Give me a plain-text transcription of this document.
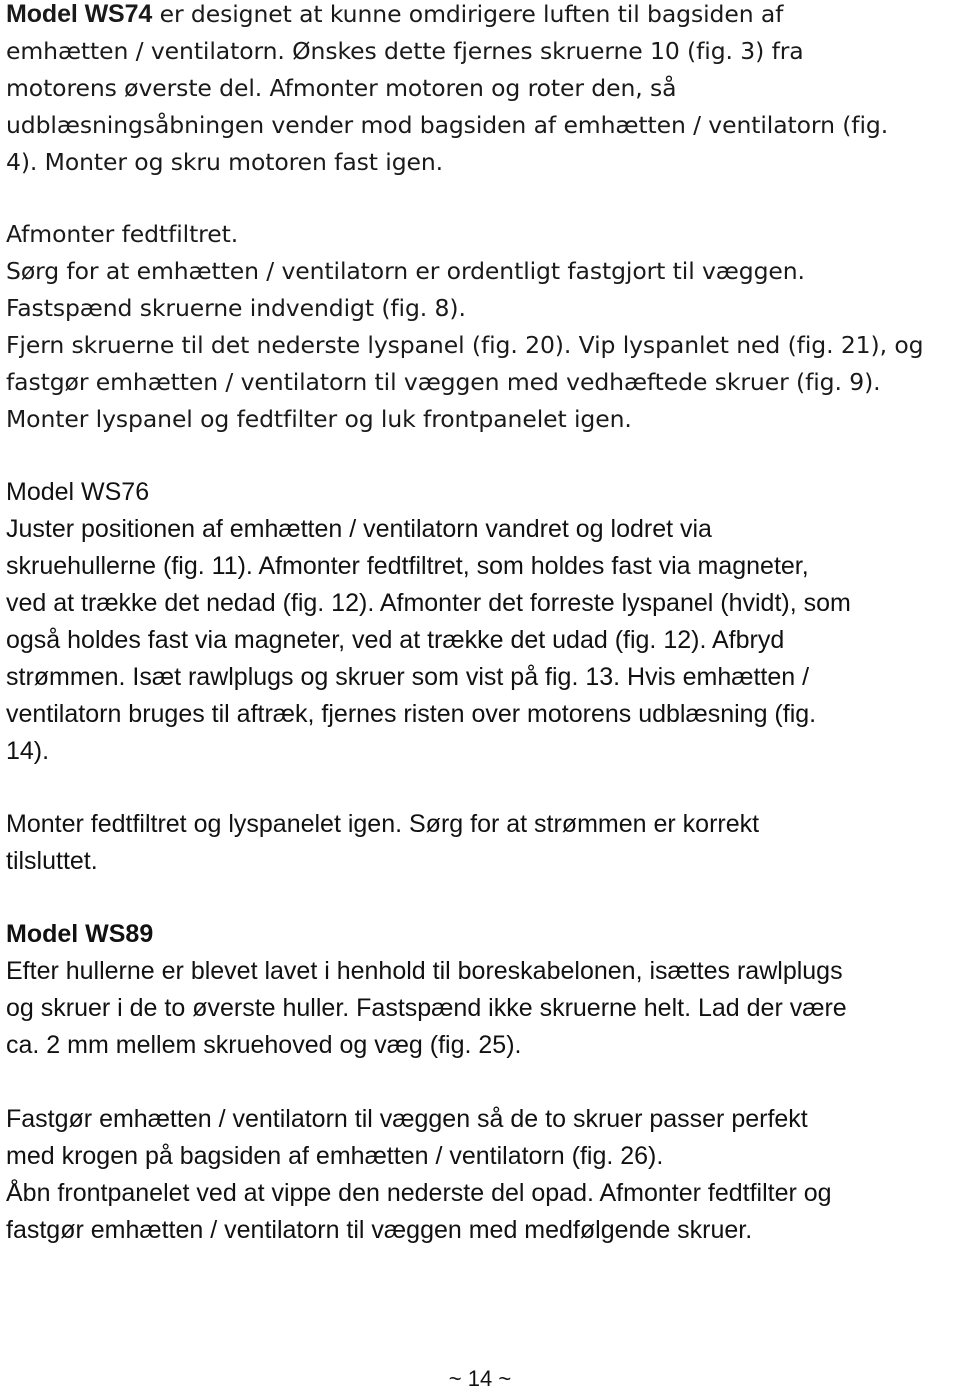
Model WS74 er designet at kunne omdirigere luften til bagsiden af
emhætten / ventilatorn. Ønskes dette fjernes skruerne 10 (fig. 3) fra
motorens øverste del. Afmonter motoren og roter den, så
udblæsningsåbningen vender mod bagsiden af emhætten / ventilatorn (fig.
4). Monter og skru motoren fast igen.
Afmonter fedtfiltret.
Sørg for at emhætten / ventilatorn er ordentligt fastgjort til væggen.
Fastspænd skruerne indvendigt (fig. 8).
Fjern skruerne til det nederste lyspanel (fig. 20). Vip lyspanlet ned (fig. 21), og
fastgør emhætten / ventilatorn til væggen med vedhæftede skruer (fig. 9).
Monter lyspanel og fedtfilter og luk frontpanelet igen.
Model WS76
Juster positionen af emhætten / ventilatorn vandret og lodret via
skruehullerne (fig. 11). Afmonter fedtfiltret, som holdes fast via magneter,
ved at trække det nedad (fig. 12). Afmonter det forreste lyspanel (hvidt), som
også holdes fast via magneter, ved at trække det udad (fig. 12). Afbryd
strømmen. Isæt rawlplugs og skruer som vist på fig. 13. Hvis emhætten /
ventilatorn bruges til aftræk, fjernes risten over motorens udblæsning (fig.
14).
Monter fedtfiltret og lyspanelet igen. Sørg for at strømmen er korrekt
tilsluttet.
Model WS89
Efter hullerne er blevet lavet i henhold til boreskabelonen, isættes rawlplugs
og skruer i de to øverste huller. Fastspænd ikke skruerne helt. Lad der være
ca. 2 mm mellem skruehoved og væg (fig. 25).
Fastgør emhætten / ventilatorn til væggen så de to skruer passer perfekt
med krogen på bagsiden af emhætten / ventilatorn (fig. 26).
Åbn frontpanelet ved at vippe den nederste del opad. Afmonter fedtfilter og
fastgør emhætten / ventilatorn til væggen med medfølgende skruer.
~ 14 ~
